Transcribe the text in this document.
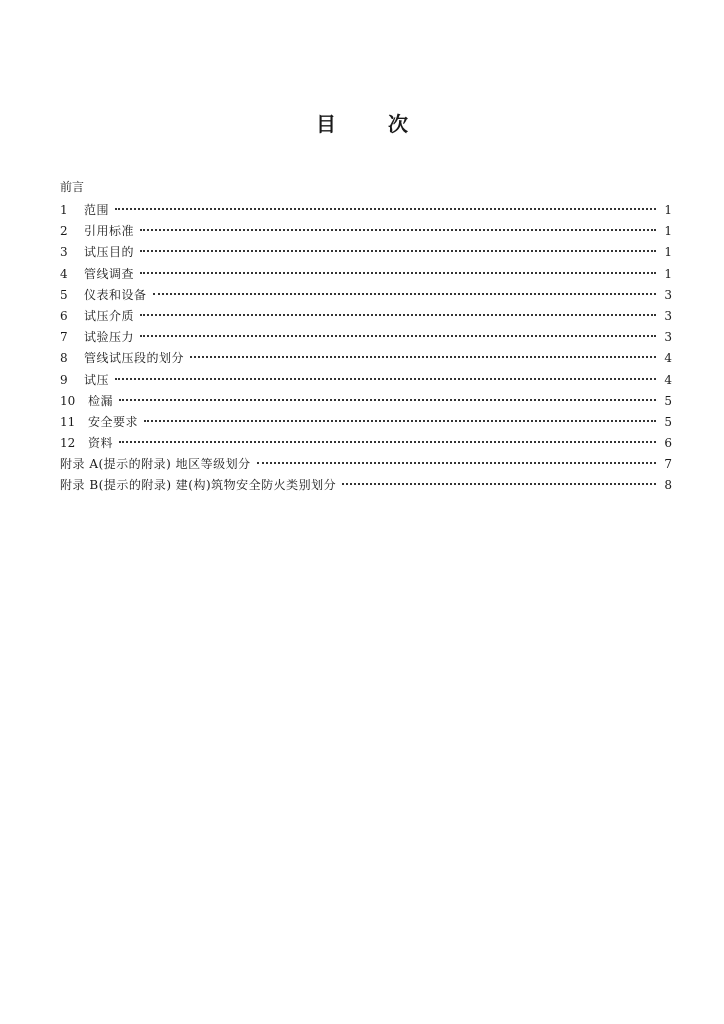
目	次
前言
1	范围	1
2	引用标准	1
3	试压目的	1
4	管线调查	1
5	仪表和设备	3
6	试压介质	3
7	试验压力	3
8	管线试压段的划分	4
9	试压	4
10	检漏	5
11	安全要求	5
12	资料	6
附录 A(提示的附录) 地区等级划分	7
附录 B(提示的附录) 建(构)筑物安全防火类别划分	8
